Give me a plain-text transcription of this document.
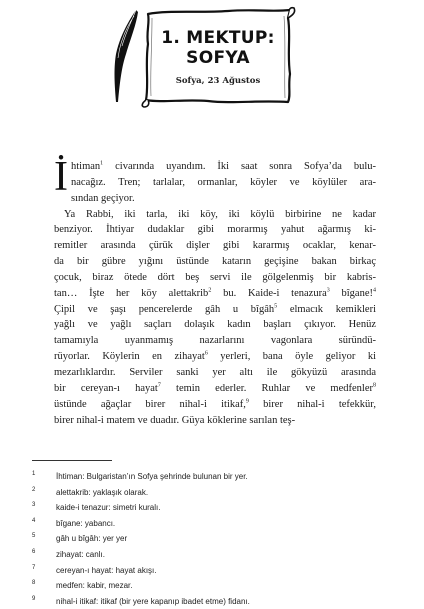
1. MEKTUP:
SOFYA
Sofya, 23 Ağustos
İ htiman$^1$ civarında uyandım. İki saat sonra Sofya’da bulu-
nacağız. Tren; tarlalar, ormanlar, köyler ve köylüler ara-
sından geçiyor.
Ya Rabbi, iki tarla, iki köy, iki köylü birbirine ne kadar
benziyor. İhtiyar dudaklar gibi morarmış yahut ağarmış ki-
remitler arasında çürük dişler gibi kararmış ocaklar, kenar-
da bir gübre yığını üstünde katarın geçişine bakan birkaç
çocuk, biraz ötede dört beş servi ile gölgelenmiş bir kabris-
tan… İşte her köy alettakrib$^2$ bu. Kaide-i tenazura$^3$ bîgane!$^4$
Çipil ve şaşı pencerelerde gâh u bîgâh$^5$ elmacık kemikleri
yağlı ve yağlı saçları dolaşık kadın başları çıkıyor. Henüz
tamamıyla uyanmamış nazarlarını vagonlara süründü-
rüyorlar. Köylerin en zihayat$^6$ yerleri, bana öyle geliyor ki
mezarlıklardır. Serviler sanki yer altı ile gökyüzü arasında
bir cereyan-ı hayat$^7$ temin ederler. Ruhlar ve medfenler$^8$
üstünde ağaçlar birer nihal-i itikaf,$^9$ birer nihal-i tefekkür,
birer nihal-i matem ve duadır. Güya köklerine sarılan teş-
1	İhtiman: Bulgaristan’ın Sofya şehrinde bulunan bir yer.
2	alettakrib: yaklaşık olarak.
3	kaide-i tenazur: simetri kuralı.
4	bîgane: yabancı.
5	gâh u bîgâh: yer yer
6	zihayat: canlı.
7	cereyan-ı hayat: hayat akışı.
8	medfen: kabir, mezar.
9	nihal-i itikaf: itikaf (bir yere kapanıp ibadet etme) fidanı.
